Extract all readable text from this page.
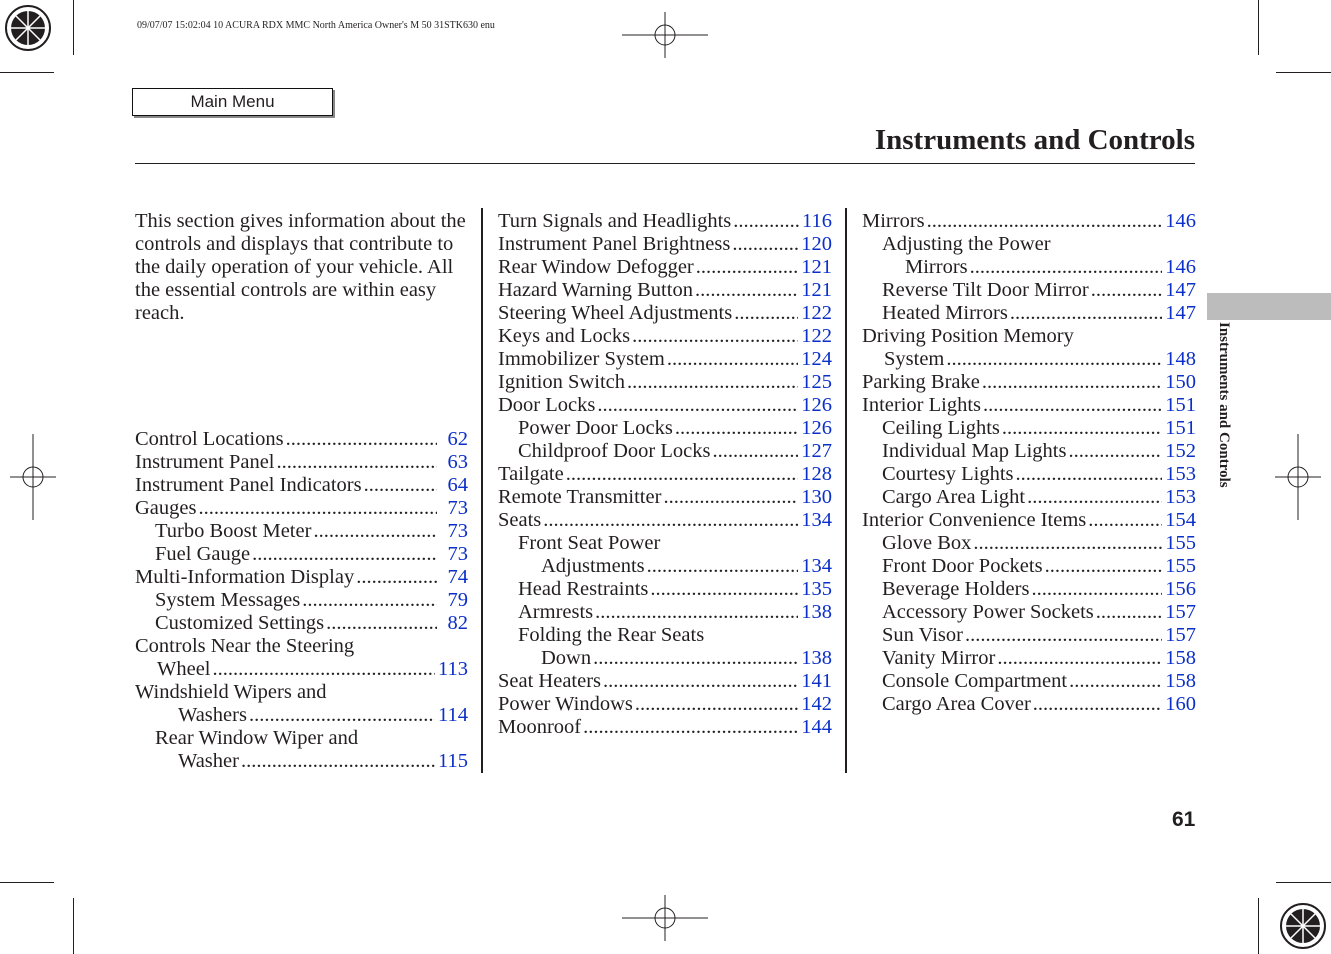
09/07/07 15:02:04 10 ACURA RDX MMC North America Owner's M 50 31STK630 enu
Main Menu
Instruments and Controls
This section gives information about the controls and displays that contribute to the daily operation of your vehicle. All the essential controls are within easy reach.
Control Locations .....	62
Instrument Panel .....	63
Instrument Panel Indicators .....	64
Gauges .....	73
Turbo Boost Meter .....	73
Fuel Gauge .....	73
Multi-Information Display .....	74
System Messages .....	79
Customized Settings .....	82
Controls Near the Steering
Wheel .....	113
Windshield Wipers and
Washers .....	114
Rear Window Wiper and
Washer .....	115
Turn Signals and Headlights .....	116
Instrument Panel Brightness .....	120
Rear Window Defogger .....	121
Hazard Warning Button .....	121
Steering Wheel Adjustments .....	122
Keys and Locks .....	122
Immobilizer System .....	124
Ignition Switch .....	125
Door Locks .....	126
Power Door Locks .....	126
Childproof Door Locks .....	127
Tailgate .....	128
Remote Transmitter .....	130
Seats .....	134
Front Seat Power
Adjustments .....	134
Head Restraints .....	135
Armrests .....	138
Folding the Rear Seats
Down .....	138
Seat Heaters .....	141
Power Windows .....	142
Moonroof .....	144
Mirrors .....	146
Adjusting the Power
Mirrors .....	146
Reverse Tilt Door Mirror .....	147
Heated Mirrors .....	147
Driving Position Memory
System .....	148
Parking Brake .....	150
Interior Lights .....	151
Ceiling Lights .....	151
Individual Map Lights .....	152
Courtesy Lights .....	153
Cargo Area Light .....	153
Interior Convenience Items .....	154
Glove Box .....	155
Front Door Pockets .....	155
Beverage Holders .....	156
Accessory Power Sockets .....	157
Sun Visor .....	157
Vanity Mirror .....	158
Console Compartment .....	158
Cargo Area Cover .....	160
Instruments and Controls
61
